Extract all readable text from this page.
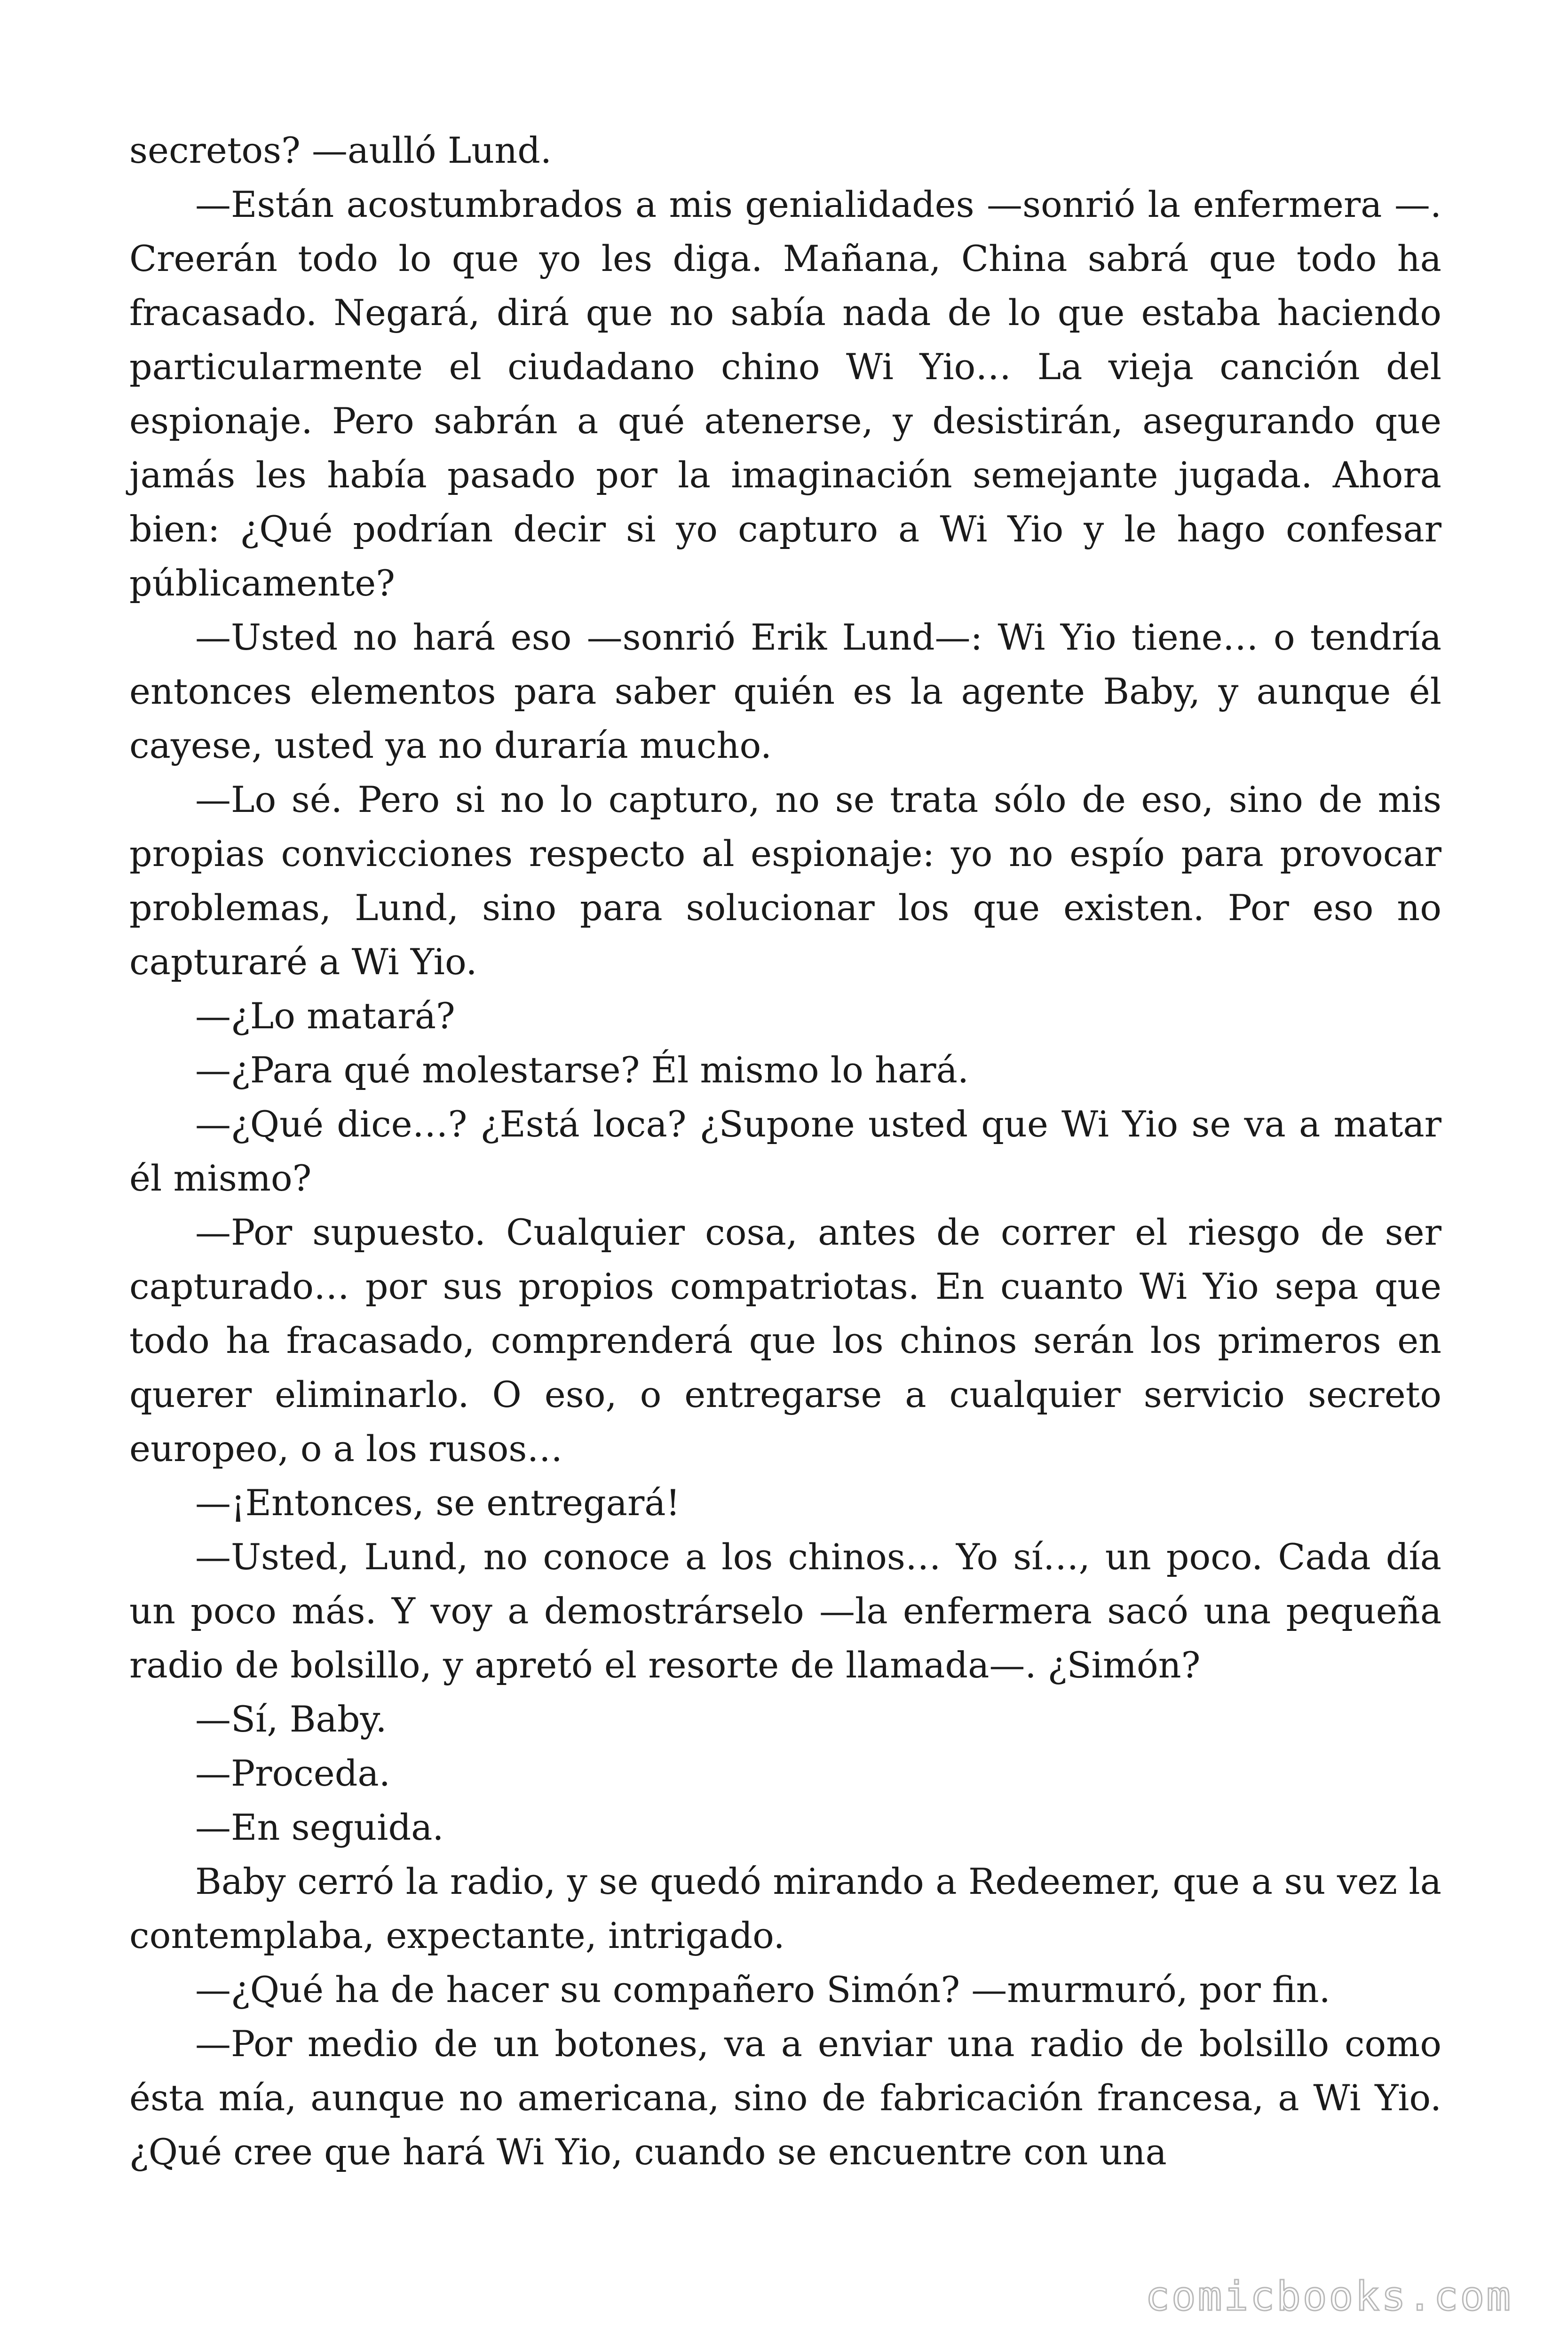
secretos? —aulló Lund.

—Están acostumbrados a mis genialidades —sonrió la enfermera —. Creerán todo lo que yo les diga. Mañana, China sabrá que todo ha fracasado. Negará, dirá que no sabía nada de lo que estaba haciendo particularmente el ciudadano chino Wi Yio… La vieja canción del espionaje. Pero sabrán a qué atenerse, y desistirán, asegurando que jamás les había pasado por la imaginación semejante jugada. Ahora bien: ¿Qué podrían decir si yo capturo a Wi Yio y le hago confesar públicamente?

—Usted no hará eso —sonrió Erik Lund—: Wi Yio tiene… o tendría entonces elementos para saber quién es la agente Baby, y aunque él cayese, usted ya no duraría mucho.

—Lo sé. Pero si no lo capturo, no se trata sólo de eso, sino de mis propias convicciones respecto al espionaje: yo no espío para provocar problemas, Lund, sino para solucionar los que existen. Por eso no capturaré a Wi Yio.

—¿Lo matará?

—¿Para qué molestarse? Él mismo lo hará.

—¿Qué dice…? ¿Está loca? ¿Supone usted que Wi Yio se va a matar él mismo?

—Por supuesto. Cualquier cosa, antes de correr el riesgo de ser capturado… por sus propios compatriotas. En cuanto Wi Yio sepa que todo ha fracasado, comprenderá que los chinos serán los primeros en querer eliminarlo. O eso, o entregarse a cualquier servicio secreto europeo, o a los rusos…

—¡Entonces, se entregará!

—Usted, Lund, no conoce a los chinos… Yo sí…, un poco. Cada día un poco más. Y voy a demostrárselo —la enfermera sacó una pequeña radio de bolsillo, y apretó el resorte de llamada—. ¿Simón?

—Sí, Baby.

—Proceda.

—En seguida.

Baby cerró la radio, y se quedó mirando a Redeemer, que a su vez la contemplaba, expectante, intrigado.

—¿Qué ha de hacer su compañero Simón? —murmuró, por fin.

—Por medio de un botones, va a enviar una radio de bolsillo como ésta mía, aunque no americana, sino de fabricación francesa, a Wi Yio. ¿Qué cree que hará Wi Yio, cuando se encuentre con una

comicbooks.com
